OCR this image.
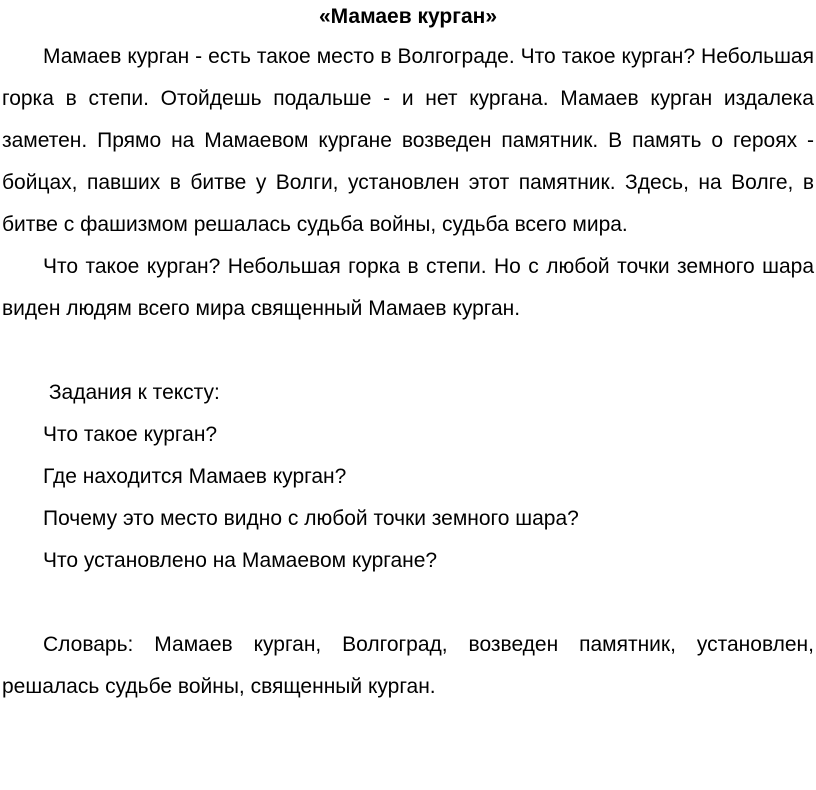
«Мамаев курган»

Мамаев курган - есть такое место в Волгограде. Что такое курган? Небольшая горка в степи. Отойдешь подальше - и нет кургана. Мамаев курган издалека заметен. Прямо на Мамаевом кургане возведен памятник. В память о героях - бойцах, павших в битве у Волги, установлен этот памятник. Здесь, на Волге, в битве с фашизмом решалась судьба войны, судьба всего мира.

Что такое курган? Небольшая горка в степи. Но с любой точки земного шара виден людям всего мира священный Мамаев курган.

Задания к тексту:

Что такое курган?

Где находится Мамаев курган?

Почему это место видно с любой точки земного шара?

Что установлено на Мамаевом кургане?

Словарь: Мамаев курган, Волгоград, возведен памятник, установлен, решалась судьбе войны, священный курган.
